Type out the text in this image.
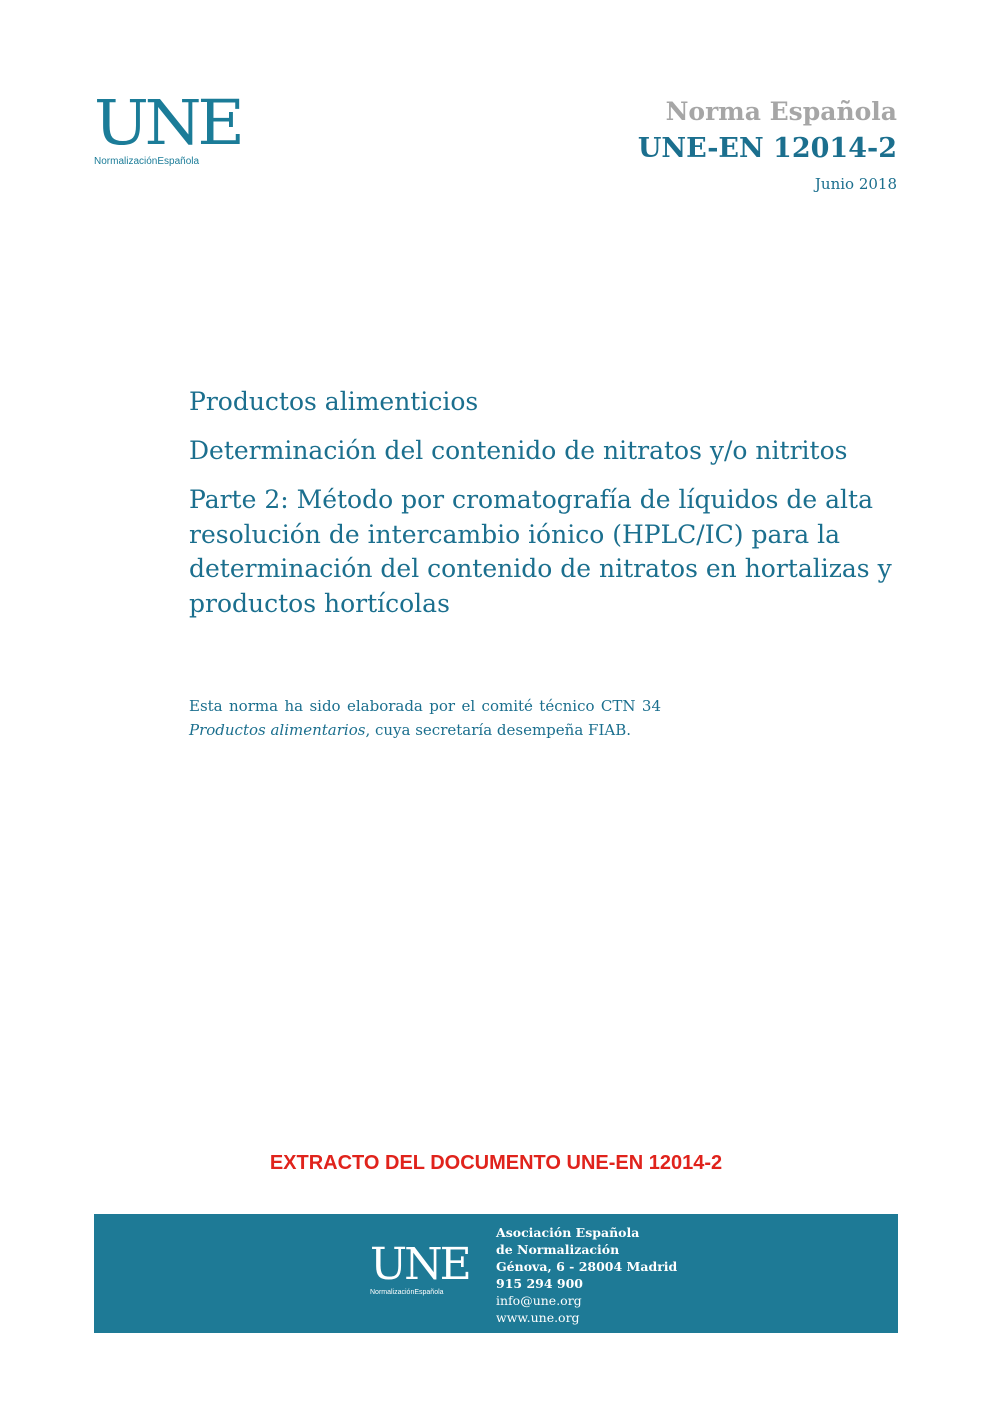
UNE
NormalizaciónEspañola
Norma Española
UNE-EN 12014-2
Junio 2018
Productos alimenticios
Determinación del contenido de nitratos y/o nitritos
Parte 2: Método por cromatografía de líquidos de alta resolución de intercambio iónico (HPLC/IC) para la determinación del contenido de nitratos en hortalizas y productos hortícolas
Esta norma ha sido elaborada por el comité técnico CTN 34 Productos alimentarios, cuya secretaría desempeña FIAB.
EXTRACTO DEL DOCUMENTO UNE-EN 12014-2
UNE
NormalizaciónEspañola
Asociación Española
de Normalización
Génova, 6 - 28004 Madrid
915 294 900
info@une.org
www.une.org
